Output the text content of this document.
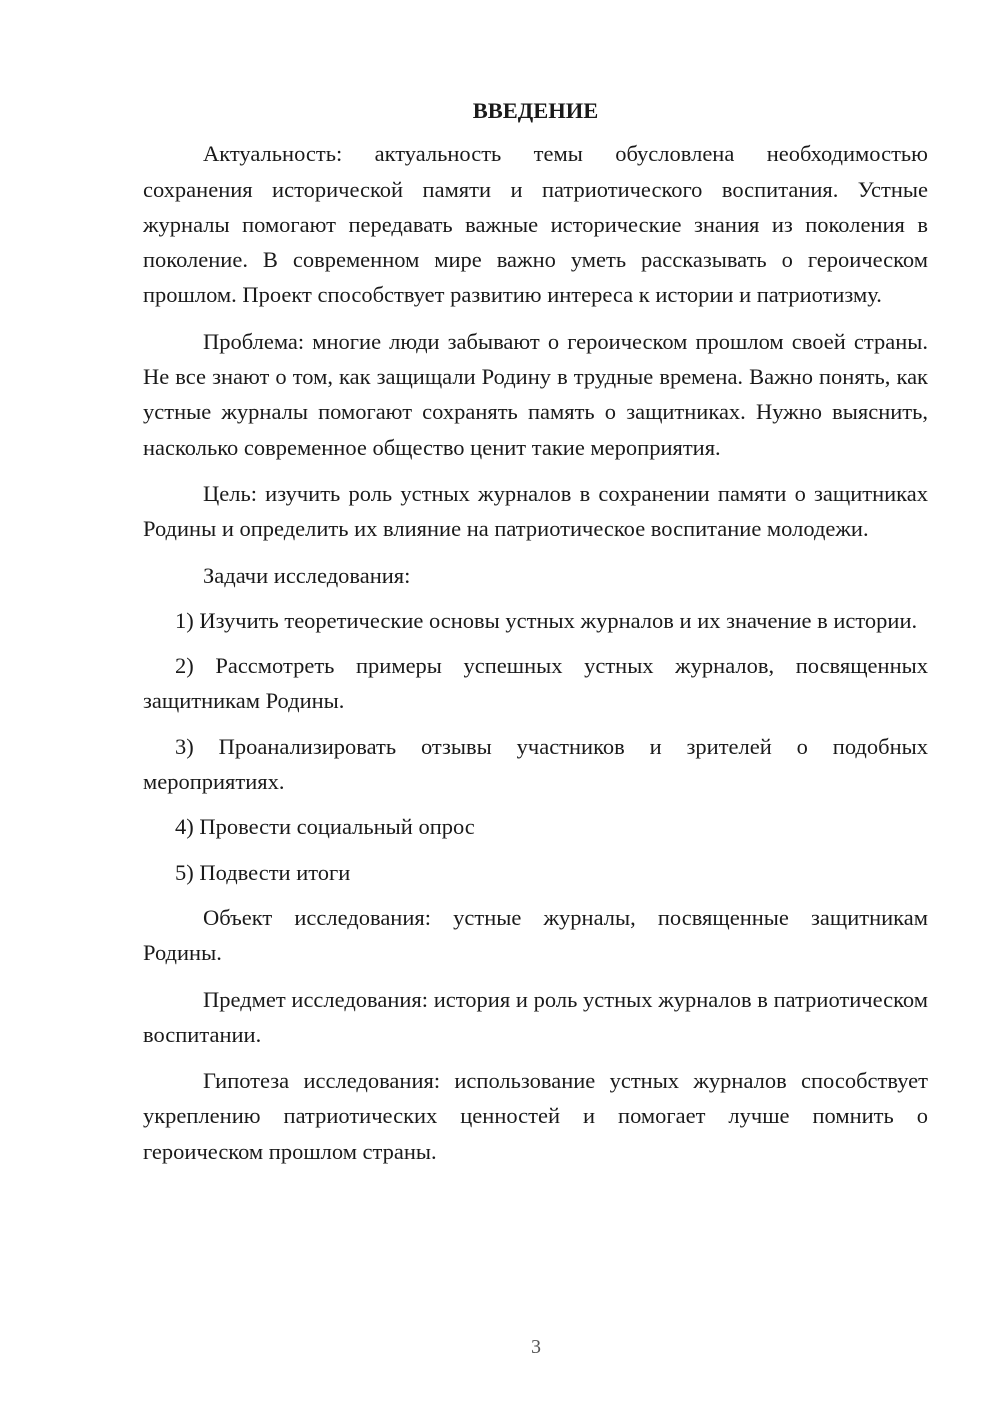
ВВЕДЕНИЕ

Актуальность: актуальность темы обусловлена необходимостью сохранения исторической памяти и патриотического воспитания. Устные журналы помогают передавать важные исторические знания из поколения в поколение. В современном мире важно уметь рассказывать о героическом прошлом. Проект способствует развитию интереса к истории и патриотизму.

Проблема: многие люди забывают о героическом прошлом своей страны. Не все знают о том, как защищали Родину в трудные времена. Важно понять, как устные журналы помогают сохранять память о защитниках. Нужно выяснить, насколько современное общество ценит такие мероприятия.

Цель: изучить роль устных журналов в сохранении памяти о защитниках Родины и определить их влияние на патриотическое воспитание молодежи.

Задачи исследования:

1) Изучить теоретические основы устных журналов и их значение в истории.

2) Рассмотреть примеры успешных устных журналов, посвященных защитникам Родины.

3) Проанализировать отзывы участников и зрителей о подобных мероприятиях.

4) Провести социальный опрос

5) Подвести итоги

Объект исследования: устные журналы, посвященные защитникам Родины.

Предмет исследования: история и роль устных журналов в патриотическом воспитании.

Гипотеза исследования: использование устных журналов способствует укреплению патриотических ценностей и помогает лучше помнить о героическом прошлом страны.

3
